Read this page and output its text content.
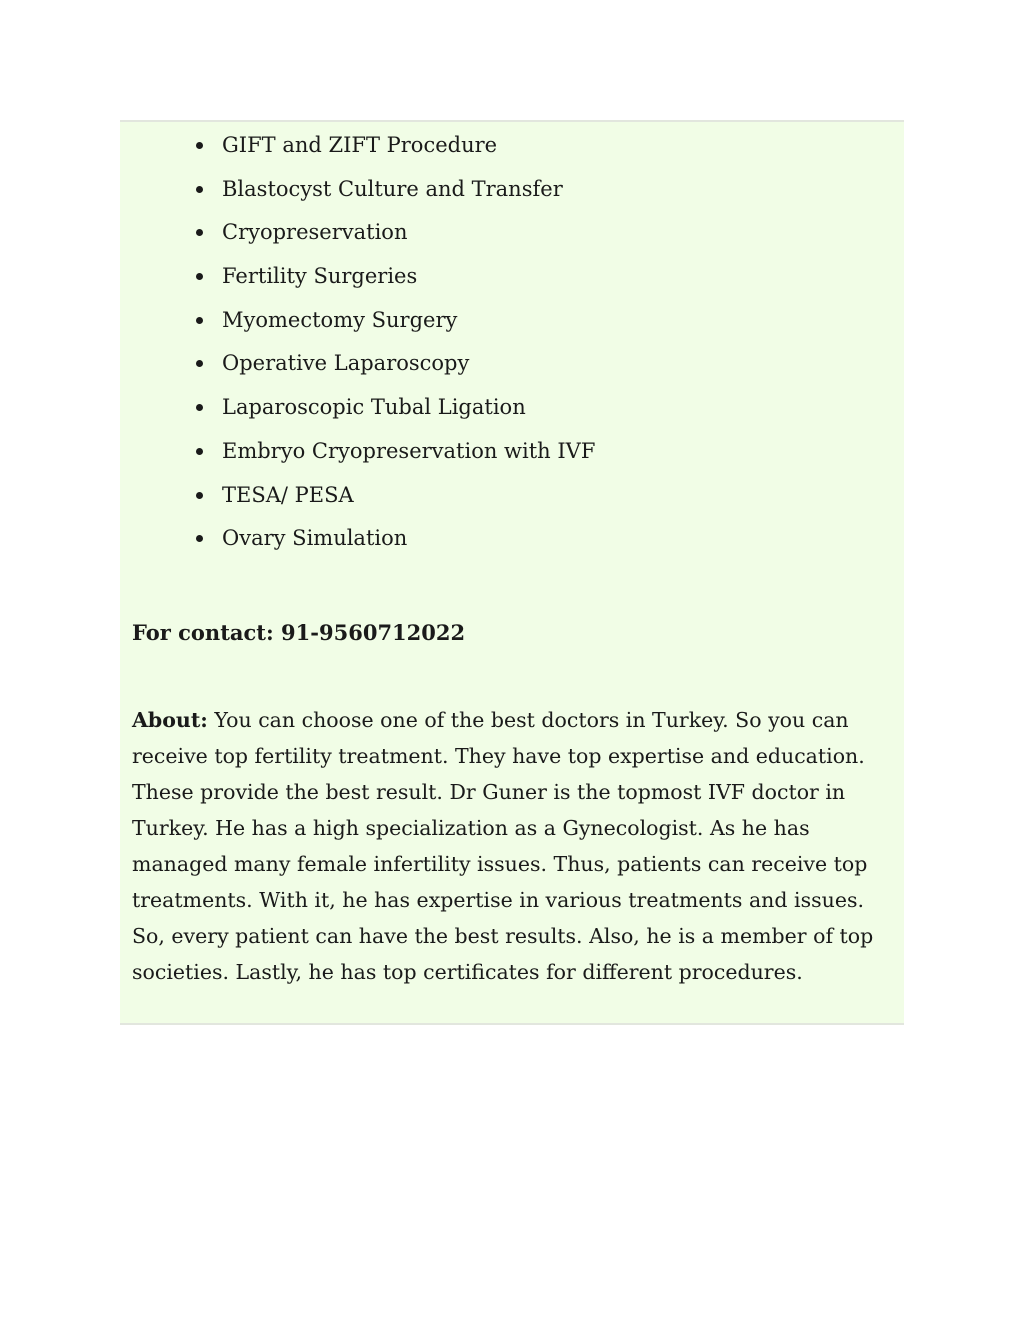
GIFT and ZIFT Procedure
Blastocyst Culture and Transfer
Cryopreservation
Fertility Surgeries
Myomectomy Surgery
Operative Laparoscopy
Laparoscopic Tubal Ligation
Embryo Cryopreservation with IVF
TESA/ PESA
Ovary Simulation
For contact: 91-9560712022

About: You can choose one of the best doctors in Turkey. So you can receive top fertility treatment. They have top expertise and education. These provide the best result. Dr Guner is the topmost IVF doctor in Turkey. He has a high specialization as a Gynecologist. As he has managed many female infertility issues. Thus, patients can receive top treatments. With it, he has expertise in various treatments and issues. So, every patient can have the best results. Also, he is a member of top societies. Lastly, he has top certificates for different procedures.
